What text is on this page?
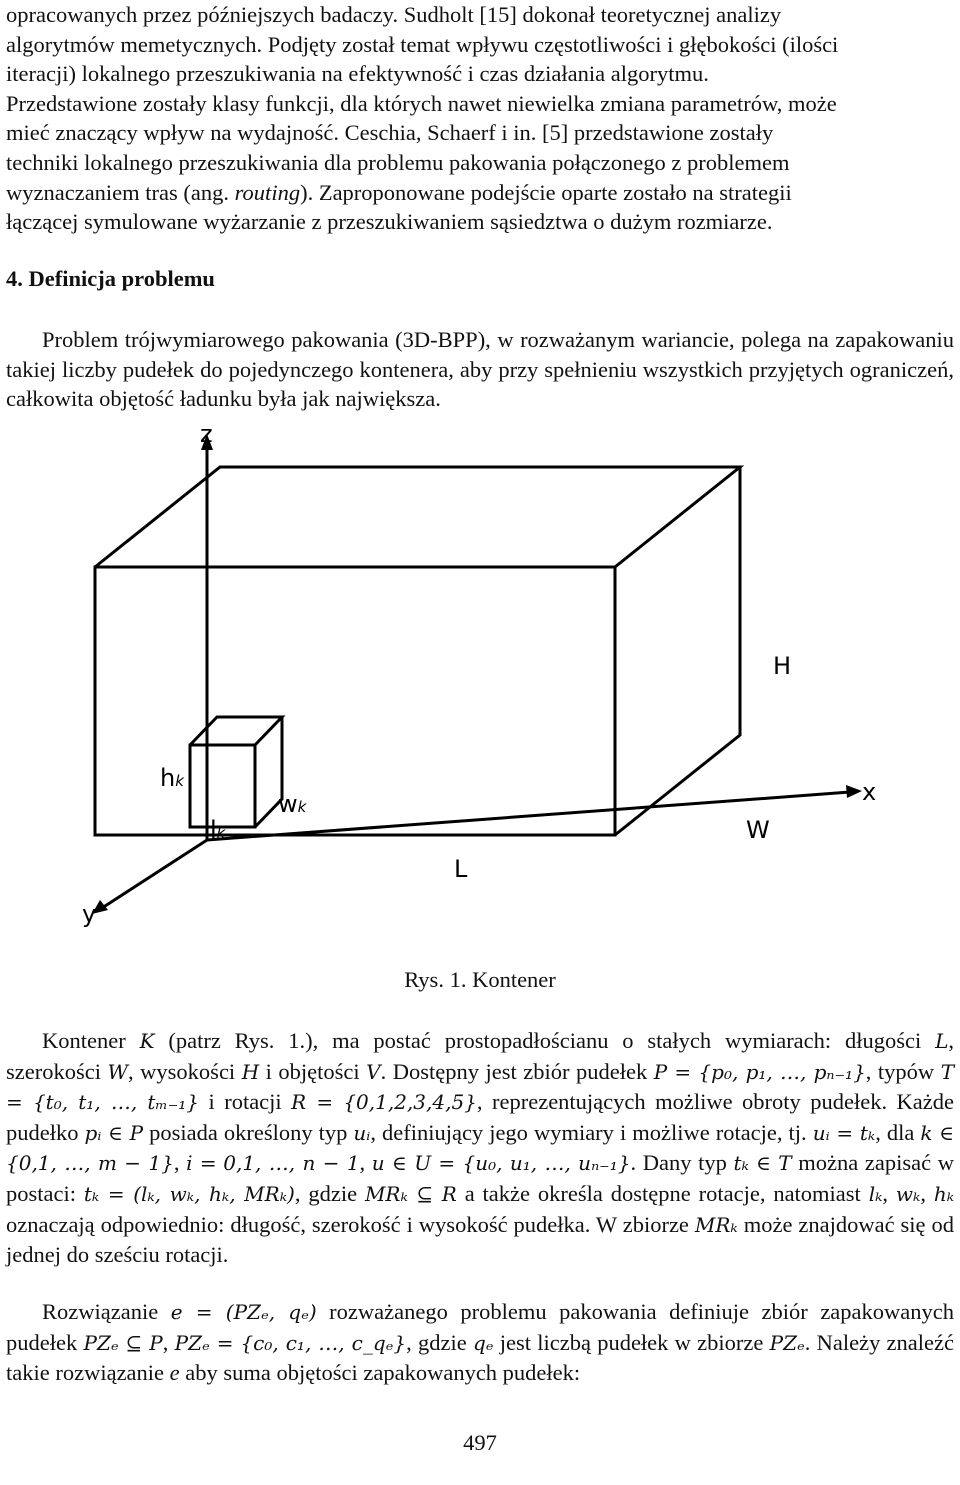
opracowanych przez późniejszych badaczy. Sudholt [15] dokonał teoretycznej analizy
algorytmów memetycznych. Podjęty został temat wpływu częstotliwości i głębokości (ilości
iteracji) lokalnego przeszukiwania na efektywność i czas działania algorytmu.
Przedstawione zostały klasy funkcji, dla których nawet niewielka zmiana parametrów, może
mieć znaczący wpływ na wydajność. Ceschia, Schaerf i in. [5] przedstawione zostały
techniki lokalnego przeszukiwania dla problemu pakowania połączonego z problemem
wyznaczaniem tras (ang. routing). Zaproponowane podejście oparte zostało na strategii
łączącej symulowane wyżarzanie z przeszukiwaniem sąsiedztwa o dużym rozmiarze.
4. Definicja problemu
Problem trójwymiarowego pakowania (3D-BPP), w rozważanym wariancie, polega na zapakowaniu takiej liczby pudełek do pojedynczego kontenera, aby przy spełnieniu wszystkich przyjętych ograniczeń, całkowita objętość ładunku była jak największa.
z
x
y
H
W
L
hk
wk
lk
Rys. 1. Kontener
Kontener K (patrz Rys. 1.), ma postać prostopadłościanu o stałych wymiarach: długości L, szerokości W, wysokości H i objętości V. Dostępny jest zbiór pudełek P = {p₀, p₁, …, pₙ₋₁}, typów T = {t₀, t₁, …, tₘ₋₁} i rotacji R = {0,1,2,3,4,5}, reprezentujących możliwe obroty pudełek. Każde pudełko pᵢ ∈ P posiada określony typ uᵢ, definiujący jego wymiary i możliwe rotacje, tj. uᵢ = tₖ, dla k ∈ {0,1, …, m − 1}, i = 0,1, …, n − 1, u ∈ U = {u₀, u₁, …, uₙ₋₁}. Dany typ tₖ ∈ T można zapisać w postaci: tₖ = (lₖ, wₖ, hₖ, MRₖ), gdzie MRₖ ⊆ R a także określa dostępne rotacje, natomiast lₖ, wₖ, hₖ oznaczają odpowiednio: długość, szerokość i wysokość pudełka. W zbiorze MRₖ może znajdować się od jednej do sześciu rotacji.
Rozwiązanie e = (PZₑ, qₑ) rozważanego problemu pakowania definiuje zbiór zapakowanych pudełek PZₑ ⊆ P, PZₑ = {c₀, c₁, …, c_qₑ}, gdzie qₑ jest liczbą pudełek w zbiorze PZₑ. Należy znaleźć takie rozwiązanie e aby suma objętości zapakowanych pudełek:
497
